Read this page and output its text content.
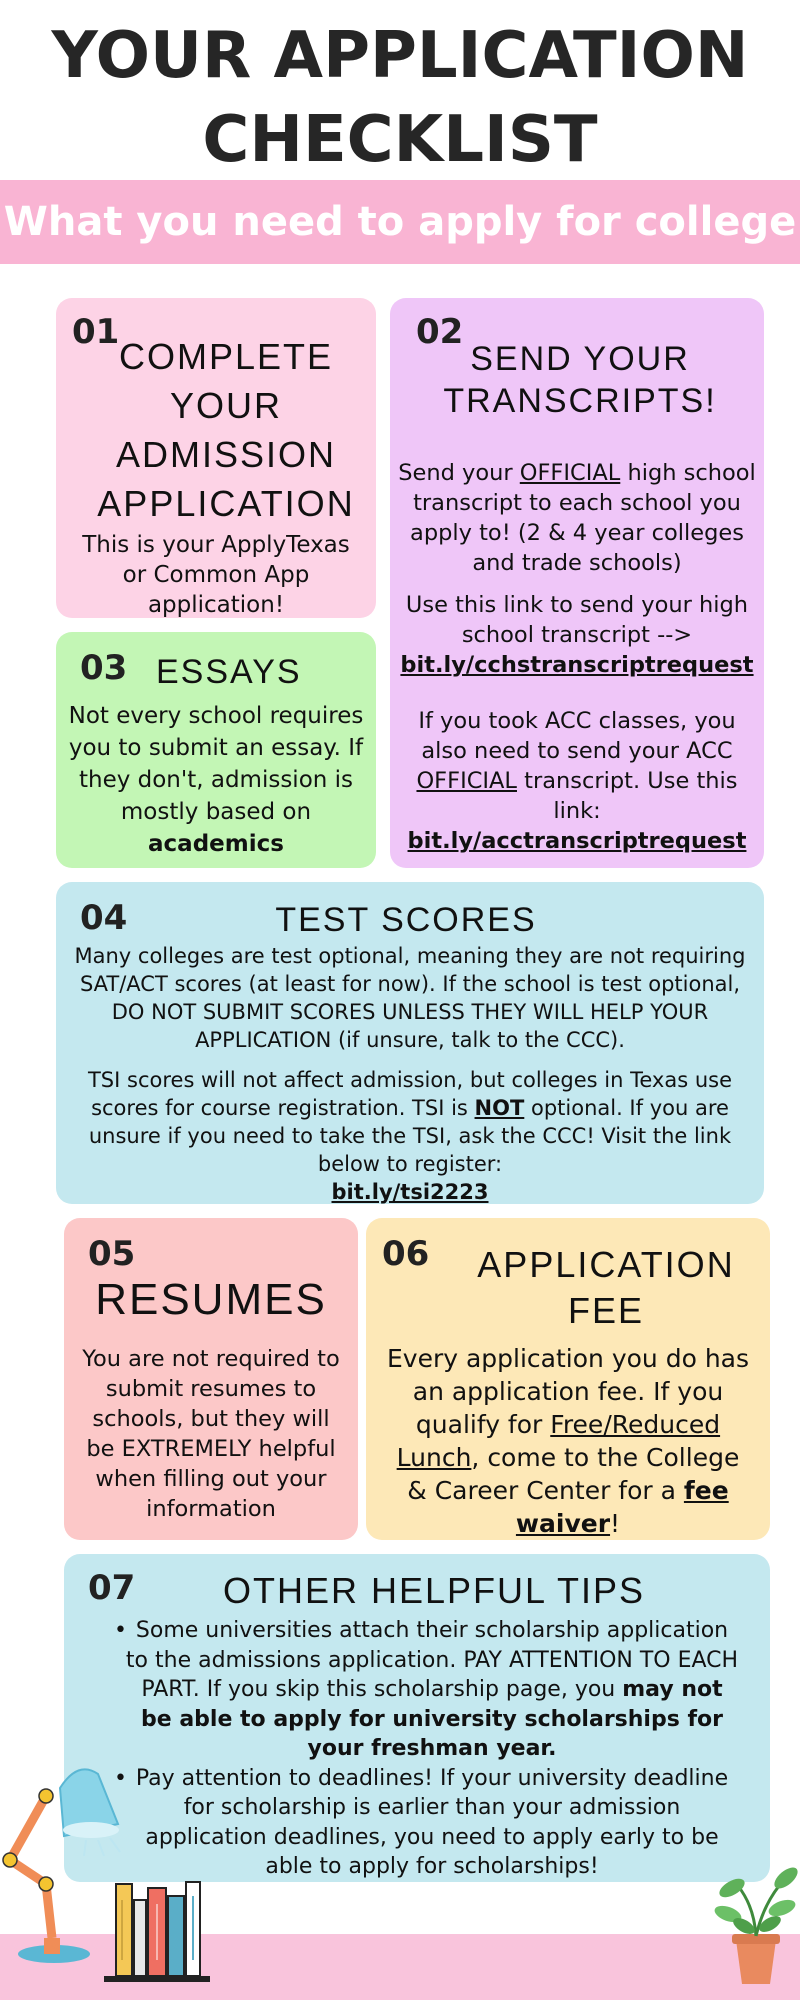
YOUR APPLICATION
CHECKLIST
What you need to apply for college
01
COMPLETE
YOUR
ADMISSION
APPLICATION
This is your ApplyTexas or Common App application!
02
SEND YOUR
TRANSCRIPTS!

Send your OFFICIAL high school transcript to each school you apply to! (2 & 4 year colleges and trade schools)

Use this link to send your high school transcript -->
bit.ly/cchstranscriptrequest

If you took ACC classes, you also need to send your ACC OFFICIAL transcript. Use this link:
bit.ly/acctranscriptrequest

03 ESSAYS
Not every school requires you to submit an essay. If they don't, admission is mostly based on
academics
04	TEST SCORES

Many colleges are test optional, meaning they are not requiring SAT/ACT scores (at least for now). If the school is test optional, DO NOT SUBMIT SCORES UNLESS THEY WILL HELP YOUR APPLICATION (if unsure, talk to the CCC).

TSI scores will not affect admission, but colleges in Texas use scores for course registration. TSI is NOT optional. If you are unsure if you need to take the TSI, ask the CCC! Visit the link below to register:
bit.ly/tsi2223

05
RESUMES
You are not required to submit resumes to schools, but they will be EXTREMELY helpful when filling out your information
06	APPLICATION
FEE
Every application you do has an application fee. If you qualify for Free/Reduced Lunch, come to the College & Career Center for a fee waiver!
07	OTHER HELPFUL TIPS
• Some universities attach their scholarship application to the admissions application. PAY ATTENTION TO EACH PART. If you skip this scholarship page, you may not be able to apply for university scholarships for your freshman year.
• Pay attention to deadlines! If your university deadline for scholarship is earlier than your admission application deadlines, you need to apply early to be able to apply for scholarships!
